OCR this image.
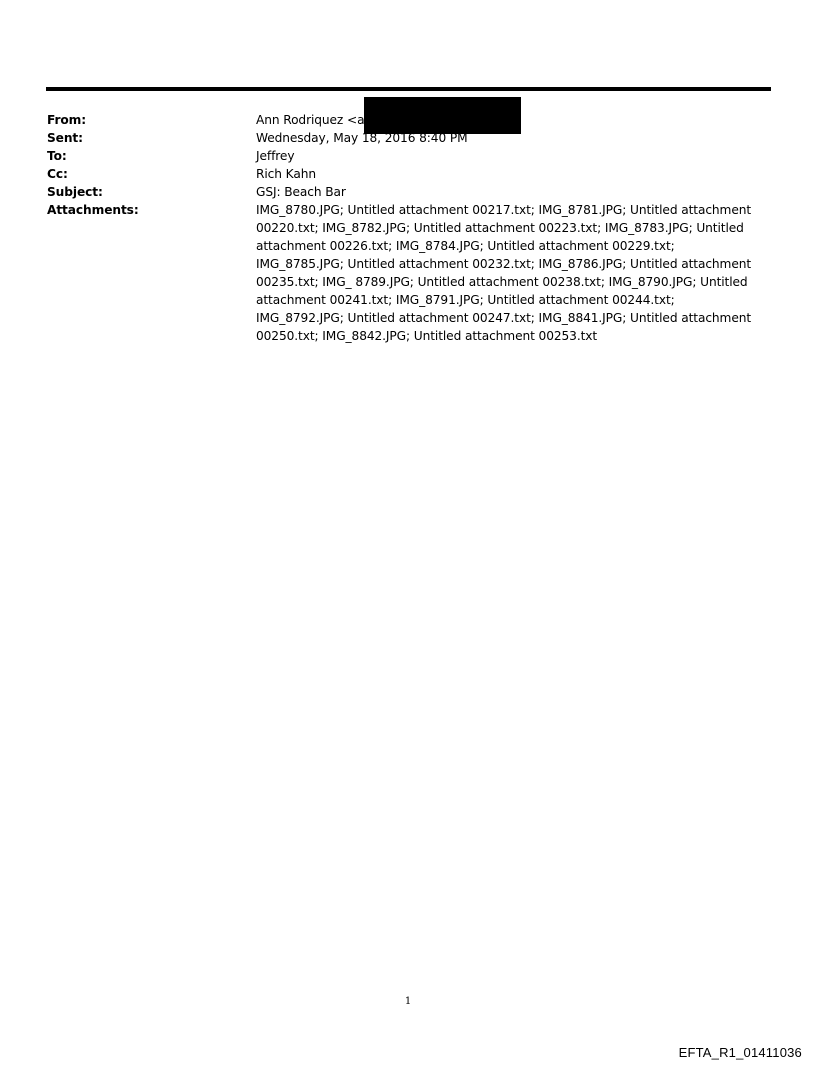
From:	Ann Rodriquez <a
Sent:	Wednesday, May 18, 2016 8:40 PM
To:	Jeffrey
Cc:	Rich Kahn
Subject:	GSJ: Beach Bar
Attachments:	IMG_8780.JPG; Untitled attachment 00217.txt; IMG_8781.JPG; Untitled attachment 00220.txt; IMG_8782.JPG; Untitled attachment 00223.txt; IMG_8783.JPG; Untitled attachment 00226.txt; IMG_8784.JPG; Untitled attachment 00229.txt; IMG_8785.JPG; Untitled attachment 00232.txt; IMG_8786.JPG; Untitled attachment 00235.txt; IMG_ 8789.JPG; Untitled attachment 00238.txt; IMG_8790.JPG; Untitled attachment 00241.txt; IMG_8791.JPG; Untitled attachment 00244.txt; IMG_8792.JPG; Untitled attachment 00247.txt; IMG_8841.JPG; Untitled attachment 00250.txt; IMG_8842.JPG; Untitled attachment 00253.txt
1
EFTA_R1_01411036
